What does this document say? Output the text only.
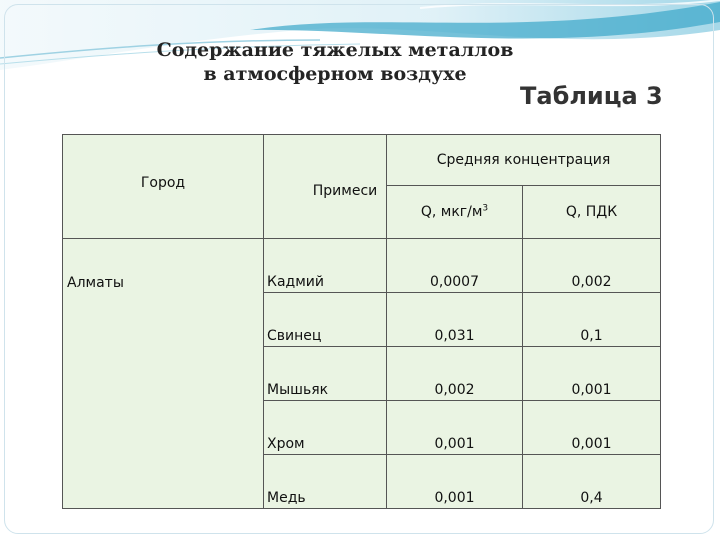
Содержание тяжелых металлов
в атмосферном воздухе
Таблица 3
Город	Примеси	Средняя концентрация	
		Q, мкг/$м^3$	Q, ПДК
Алматы	Кадмий	0,0007	0,002
	Свинец	0,031	0,1
	Мышьяк	0,002	0,001
	Хром	0,001	0,001
	Медь	0,001	0,4
